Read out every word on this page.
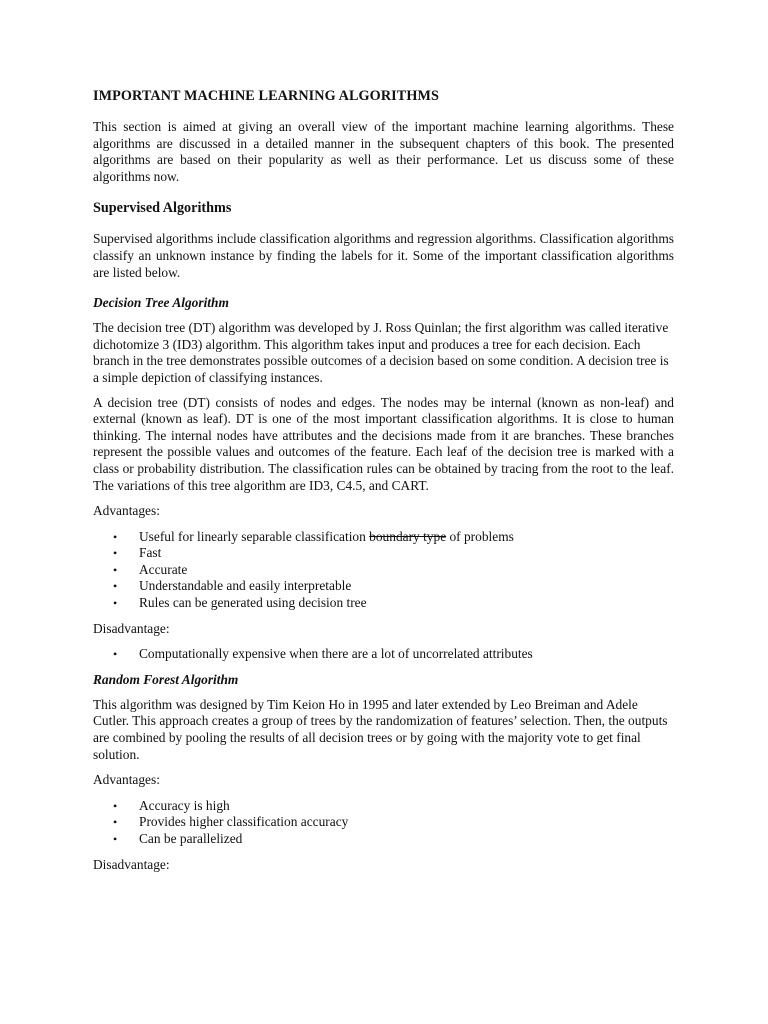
IMPORTANT MACHINE LEARNING ALGORITHMS

This section is aimed at giving an overall view of the important machine learning algorithms. These algorithms are discussed in a detailed manner in the subsequent chapters of this book. The presented algorithms are based on their popularity as well as their performance. Let us discuss some of these algorithms now.

Supervised Algorithms

Supervised algorithms include classification algorithms and regression algorithms. Classification algorithms classify an unknown instance by finding the labels for it. Some of the important classification algorithms are listed below.

Decision Tree Algorithm

The decision tree (DT) algorithm was developed by J. Ross Quinlan; the first algorithm was called iterative dichotomize 3 (ID3) algorithm. This algorithm takes input and produces a tree for each decision. Each branch in the tree demonstrates possible outcomes of a decision based on some condition. A decision tree is a simple depiction of classifying instances.

A decision tree (DT) consists of nodes and edges. The nodes may be internal (known as non-leaf) and external (known as leaf). DT is one of the most important classification algorithms. It is close to human thinking. The internal nodes have attributes and the decisions made from it are branches. These branches represent the possible values and outcomes of the feature. Each leaf of the decision tree is marked with a class or probability distribution. The classification rules can be obtained by tracing from the root to the leaf. The variations of this tree algorithm are ID3, C4.5, and CART.

Advantages:

• Useful for linearly separable classification boundary type of problems
• Fast
• Accurate
• Understandable and easily interpretable
• Rules can be generated using decision tree

Disadvantage:

• Computationally expensive when there are a lot of uncorrelated attributes
Random Forest Algorithm

This algorithm was designed by Tim Keion Ho in 1995 and later extended by Leo Breiman and Adele Cutler. This approach creates a group of trees by the randomization of features’ selection. Then, the outputs are combined by pooling the results of all decision trees or by going with the majority vote to get final solution.

Advantages:

• Accuracy is high
• Provides higher classification accuracy
• Can be parallelized

Disadvantage:
